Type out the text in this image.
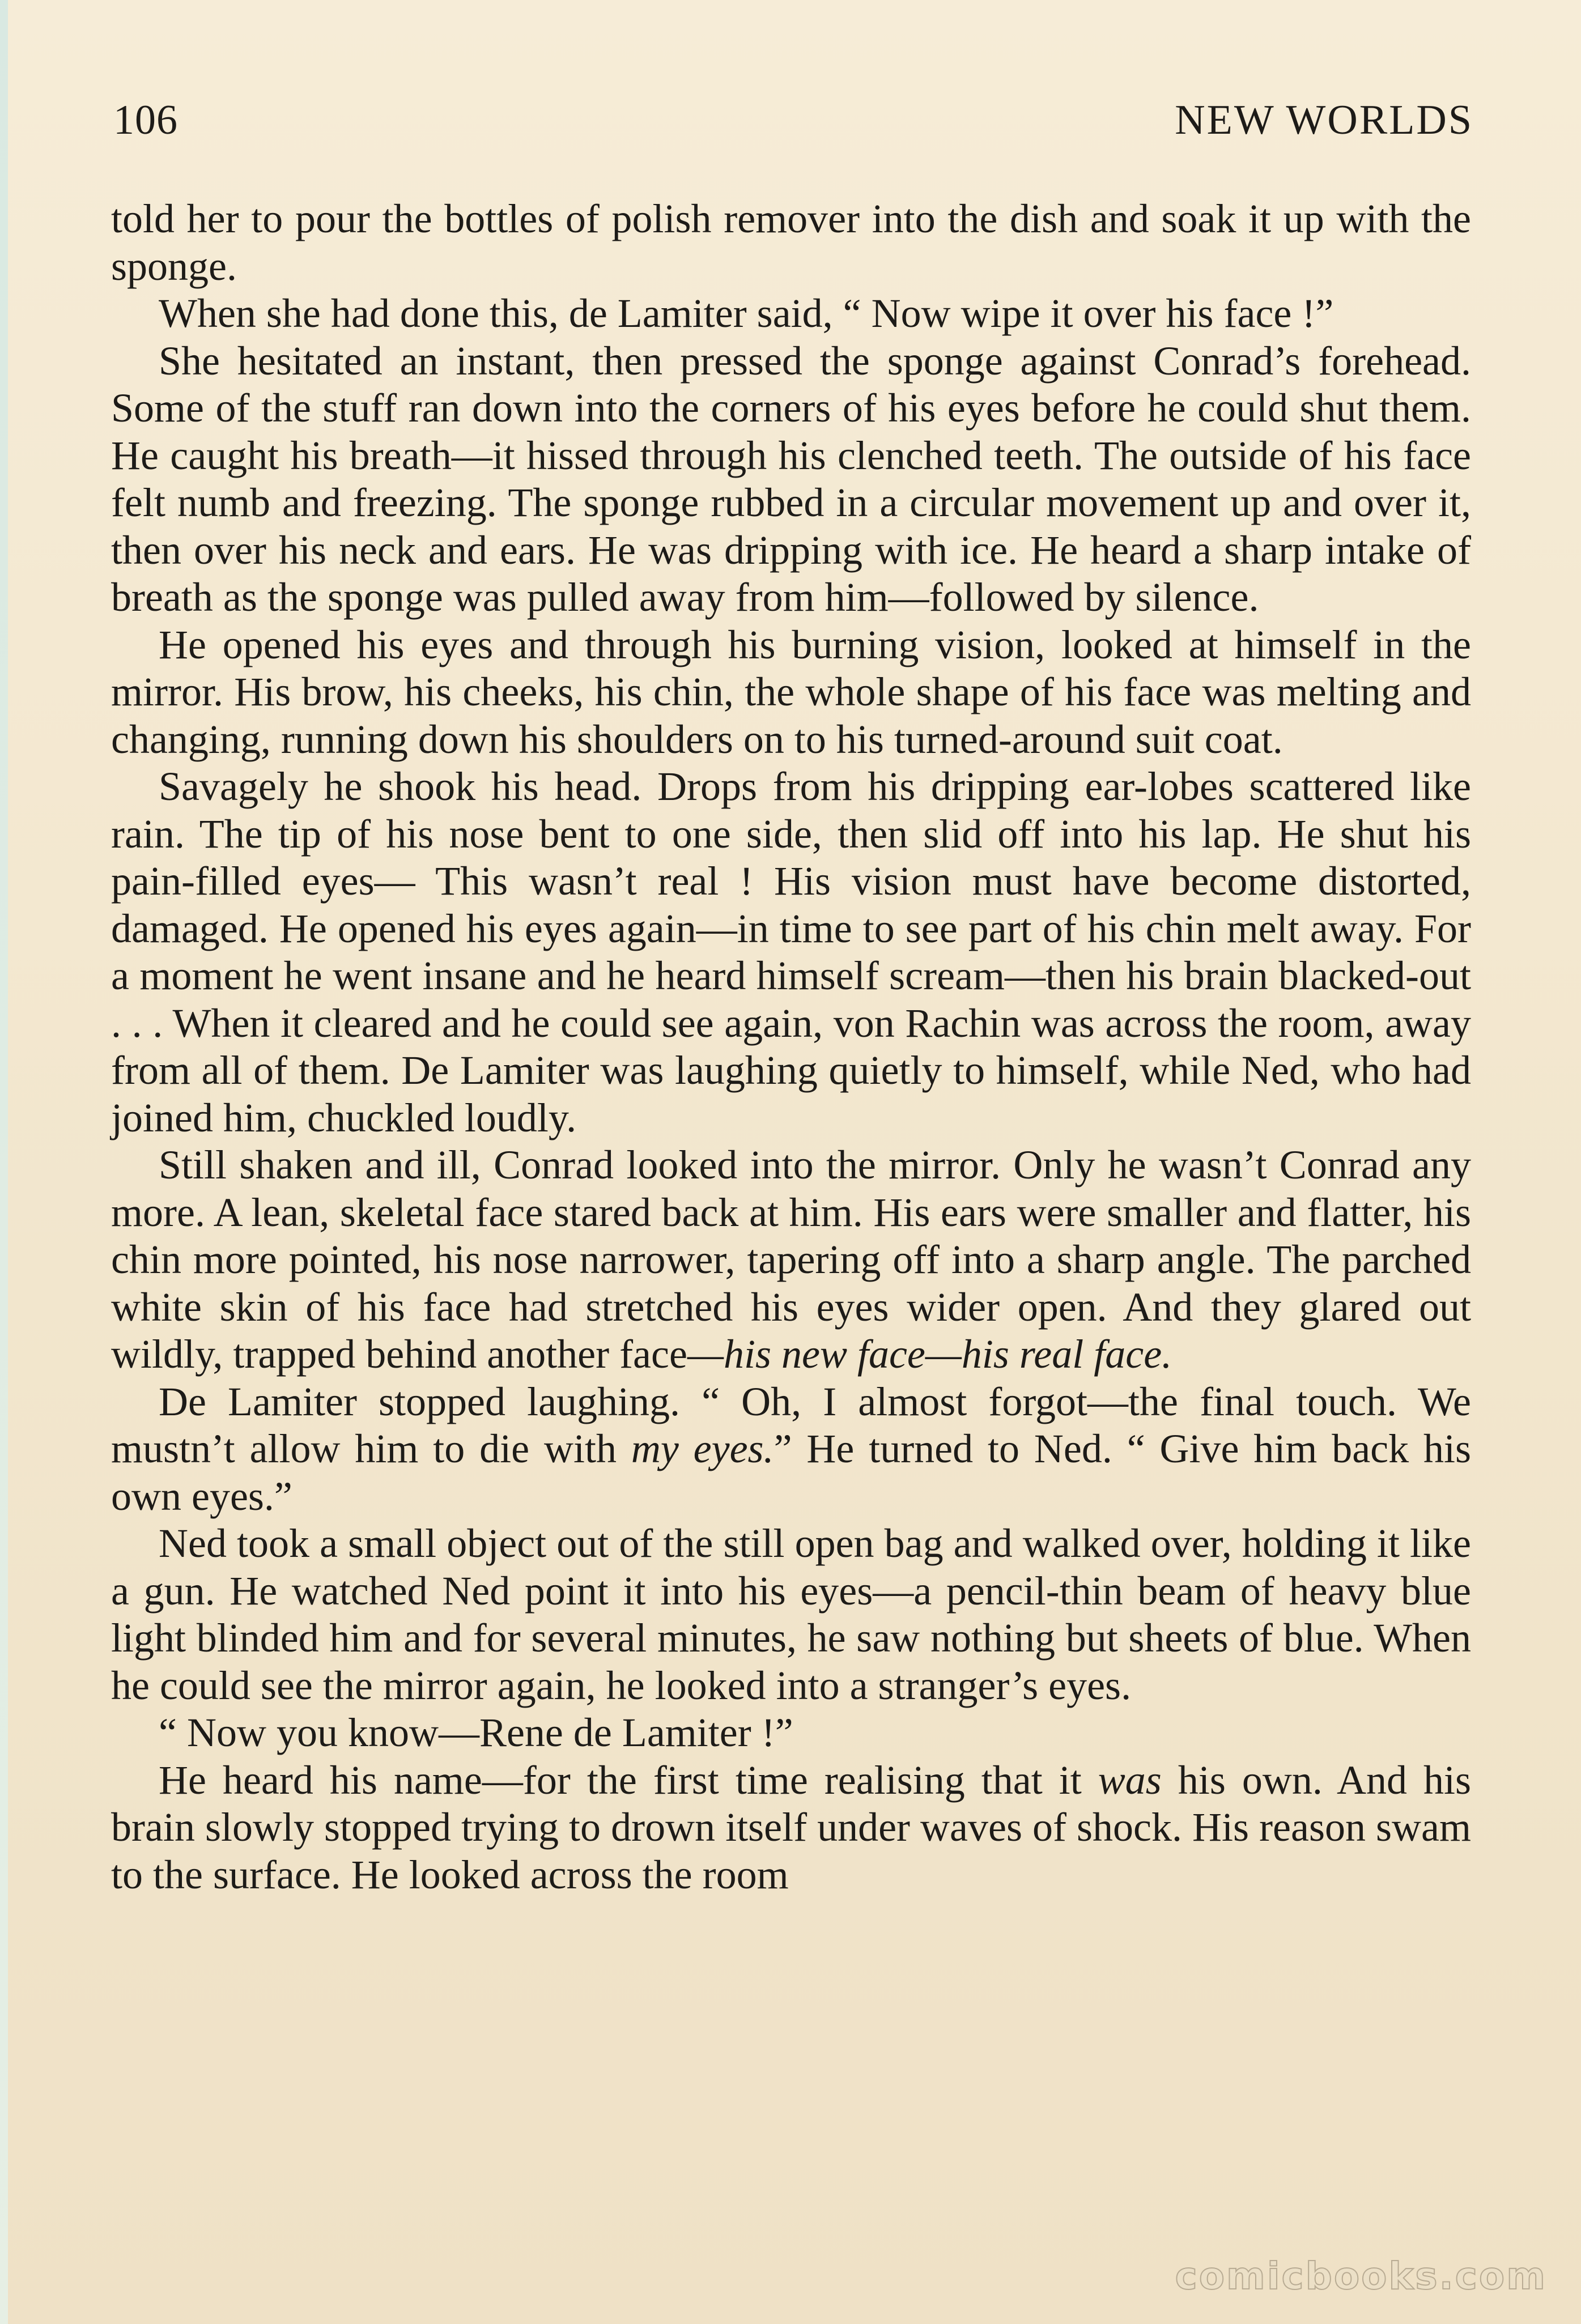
106	NEW WORLDS

told her to pour the bottles of polish remover into the dish and soak it up with the sponge.

When she had done this, de Lamiter said, “ Now wipe it over his face !”

She hesitated an instant, then pressed the sponge against Conrad’s forehead. Some of the stuff ran down into the corners of his eyes before he could shut them. He caught his breath—it hissed through his clenched teeth. The outside of his face felt numb and freezing. The sponge rubbed in a circular movement up and over it, then over his neck and ears. He was dripping with ice. He heard a sharp intake of breath as the sponge was pulled away from him—followed by silence.

He opened his eyes and through his burning vision, looked at himself in the mirror. His brow, his cheeks, his chin, the whole shape of his face was melting and changing, running down his shoulders on to his turned-around suit coat.

Savagely he shook his head. Drops from his dripping ear-lobes scattered like rain. The tip of his nose bent to one side, then slid off into his lap. He shut his pain-filled eyes— This wasn’t real ! His vision must have become distorted, damaged. He opened his eyes again—in time to see part of his chin melt away. For a moment he went insane and he heard himself scream—then his brain blacked-out . . . When it cleared and he could see again, von Rachin was across the room, away from all of them. De Lamiter was laughing quietly to himself, while Ned, who had joined him, chuckled loudly.

Still shaken and ill, Conrad looked into the mirror. Only he wasn’t Conrad any more. A lean, skeletal face stared back at him. His ears were smaller and flatter, his chin more pointed, his nose narrower, tapering off into a sharp angle. The parched white skin of his face had stretched his eyes wider open. And they glared out wildly, trapped behind another face—his new face—his real face.

De Lamiter stopped laughing. “ Oh, I almost forgot—the final touch. We mustn’t allow him to die with my eyes.” He turned to Ned. “ Give him back his own eyes.”

Ned took a small object out of the still open bag and walked over, holding it like a gun. He watched Ned point it into his eyes—a pencil-thin beam of heavy blue light blinded him and for several minutes, he saw nothing but sheets of blue. When he could see the mirror again, he looked into a stranger’s eyes.

“ Now you know—Rene de Lamiter !”

He heard his name—for the first time realising that it was his own. And his brain slowly stopped trying to drown itself under waves of shock. His reason swam to the surface. He looked across the room

comicbooks.com
